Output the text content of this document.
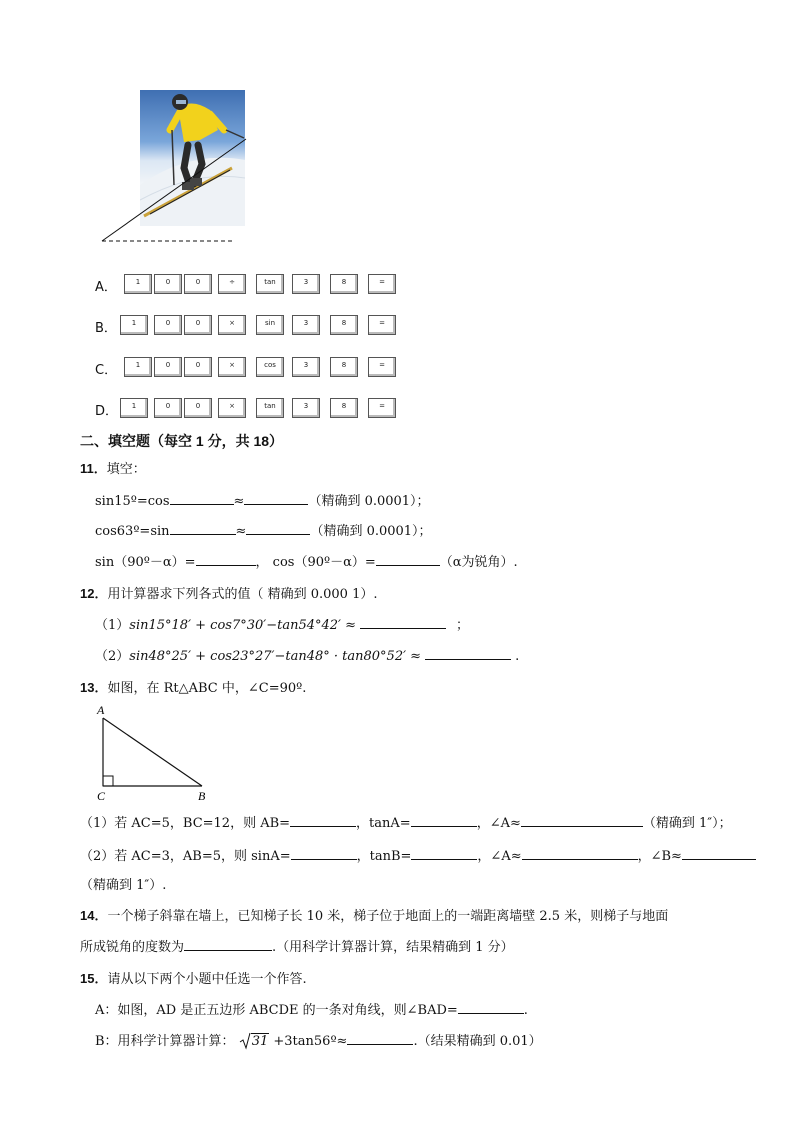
A．	1	0	0	÷	tan	3	8	=
B．	1	0	0	×	sin	3	8	=
C．	1	0	0	×	cos	3	8	=
D．	1	0	0	×	tan	3	8	=
二、填空题（每空 1 分，共 18）
11．填空：
sin15º=cos	≈	（精确到 0.0001）；
cos63º=sin	≈	（精确到 0.0001）；
sin（90º－α）=	， cos（90º－α）=	（α为锐角）.
12．用计算器求下列各式的值（ 精确到 0.000 1）.
（1）sin15°18′ + cos7°30′−tan54°42′ ≈	；
（2）sin48°25′ + cos23°27′−tan48° · tan80°52′ ≈	.
13．如图，在 Rt△ABC 中，∠C=90º.
A
C	B
（1）若 AC=5，BC=12，则 AB=	，tanA=	，∠A≈	（精确到 1″）；
（2）若 AC=3，AB=5，则 sinA=	，tanB=	，∠A≈	，∠B≈
（精确到 1″）.
14．一个梯子斜靠在墙上，已知梯子长 10 米，梯子位于地面上的一端距离墙壁 2.5 米，则梯子与地面
所成锐角的度数为	.（用科学计算器计算，结果精确到 1 分）
15．请从以下两个小题中任选一个作答.
A：如图，AD 是正五边形 ABCDE 的一条对角线，则∠BAD=	.
B：用科学计算器计算： 31 +3tan56º≈	.（结果精确到 0.01）
